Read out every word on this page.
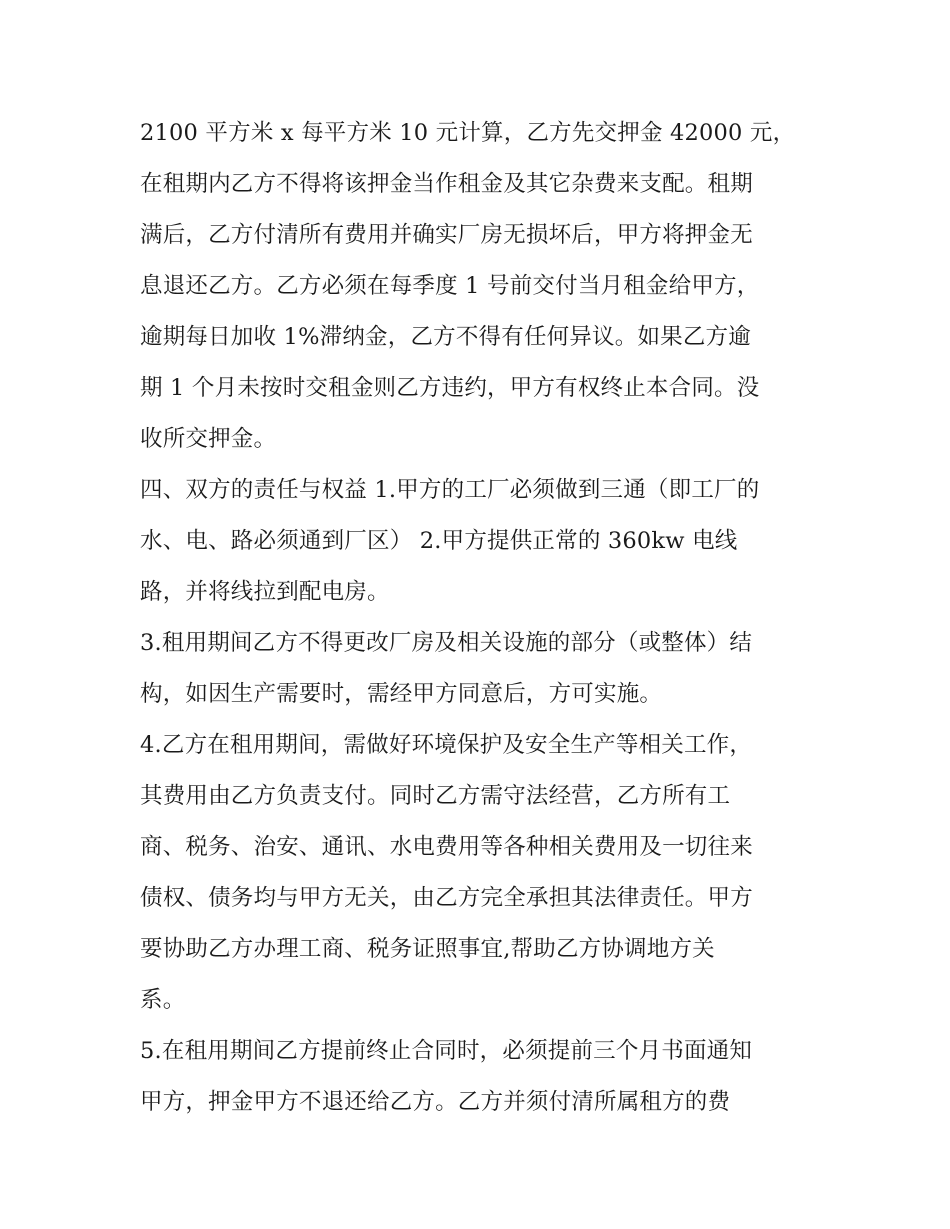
2100 平方米 x 每平方米 10 元计算，乙方先交押金 42000 元，
在租期内乙方不得将该押金当作租金及其它杂费来支配。租期
满后，乙方付清所有费用并确实厂房无损坏后，甲方将押金无
息退还乙方。乙方必须在每季度 1 号前交付当月租金给甲方，
逾期每日加收 1%滞纳金，乙方不得有任何异议。如果乙方逾
期 1 个月未按时交租金则乙方违约，甲方有权终止本合同。没
收所交押金。
四、双方的责任与权益 1.甲方的工厂必须做到三通（即工厂的
水、电、路必须通到厂区） 2.甲方提供正常的 360kw 电线
路，并将线拉到配电房。
3.租用期间乙方不得更改厂房及相关设施的部分（或整体）结
构，如因生产需要时，需经甲方同意后，方可实施。
4.乙方在租用期间，需做好环境保护及安全生产等相关工作，
其费用由乙方负责支付。同时乙方需守法经营，乙方所有工
商、税务、治安、通讯、水电费用等各种相关费用及一切往来
债权、债务均与甲方无关，由乙方完全承担其法律责任。甲方
要协助乙方办理工商、税务证照事宜,帮助乙方协调地方关
系。
5.在租用期间乙方提前终止合同时，必须提前三个月书面通知
甲方，押金甲方不退还给乙方。乙方并须付清所属租方的费
